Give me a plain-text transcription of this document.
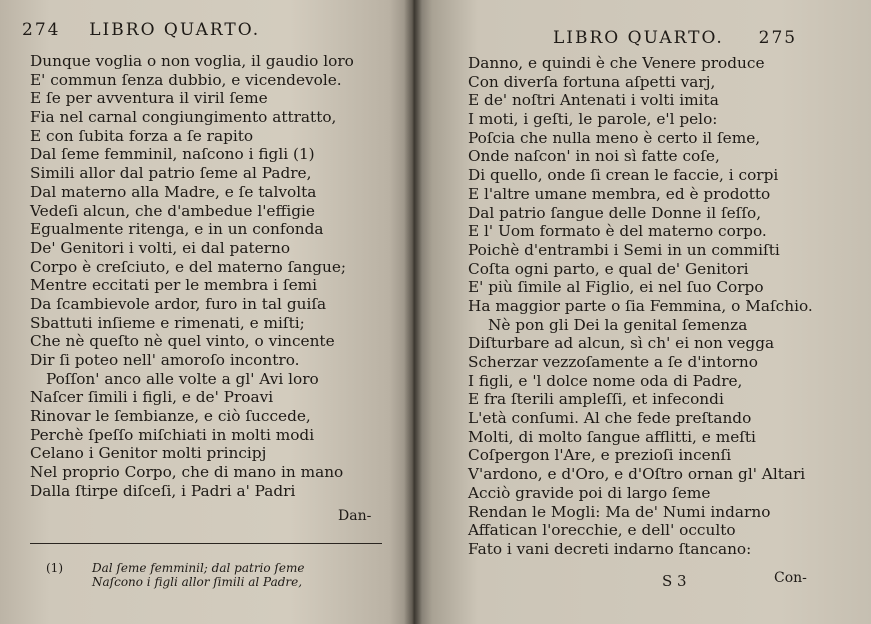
274 LIBRO QUARTO.
Dunque voglia o non voglia, il gaudio loro
E' commun ſenza dubbio, e vicendevole.
E ſe per avventura il viril ſeme
Fia nel carnal congiungimento attratto,
E con ſubita forza a ſe rapito
Dal ſeme femminil, naſcono i figli (1)
Simili allor dal patrio ſeme al Padre,
Dal materno alla Madre, e ſe talvolta
Vedeſi alcun, che d'ambedue l'effigie
Egualmente ritenga, e in un confonda
De' Genitori i volti, ei dal paterno
Corpo è creſciuto, e del materno ſangue;
Mentre eccitati per le membra i ſemi
Da ſcambievole ardor, furo in tal guiſa
Sbattuti inſieme e rimenati, e miſti;
Che nè queſto nè quel vinto, o vincente
Dir ſi poteo nell' amoroſo incontro.
Poſſon' anco alle volte a gl' Avi loro
Naſcer ſimili i figli, e de' Proavi
Rinovar le ſembianze, e ciò ſuccede,
Perchè ſpeſſo miſchiati in molti modi
Celano i Genitor molti principj
Nel proprio Corpo, che di mano in mano
Dalla ſtirpe diſceſi, i Padri a' Padri
Dan-
(1) Dal ſeme femminil; dal patrio ſeme
Naſcono i figli allor ſimili al Padre,
LIBRO QUARTO. 275
Danno, e quindi è che Venere produce
Con diverſa fortuna aſpetti varj,
E de' noſtri Antenati i volti imita
I moti, i geſti, le parole, e'l pelo:
Poſcia che nulla meno è certo il ſeme,
Onde naſcon' in noi sì fatte coſe,
Di quello, onde ſi crean le faccie, i corpi
E l'altre umane membra, ed è prodotto
Dal patrio ſangue delle Donne il ſeſſo,
E l' Uom formato è del materno corpo.
Poichè d'entrambi i Semi in un commiſti
Coſta ogni parto, e qual de' Genitori
E' più ſimile al Figlio, ei nel ſuo Corpo
Ha maggior parte o ſia Femmina, o Maſchio.
Nè pon gli Dei la genital ſemenza
Diſturbare ad alcun, sì ch' ei non vegga
Scherzar vezzoſamente a ſe d'intorno
I figli, e 'l dolce nome oda di Padre,
E fra ſterili ampleſſi, et infecondi
L'età conſumi. Al che fede preſtando
Molti, di molto ſangue afflitti, e meſti
Coſpergon l'Are, e prezioſi incenſi
V'ardono, e d'Oro, e d'Oſtro ornan gl' Altari
Acciò gravide poi di largo ſeme
Rendan le Mogli: Ma de' Numi indarno
Affatican l'orecchie, e dell' occulto
Fato i vani decreti indarno ſtancano:
S 3	Con-
